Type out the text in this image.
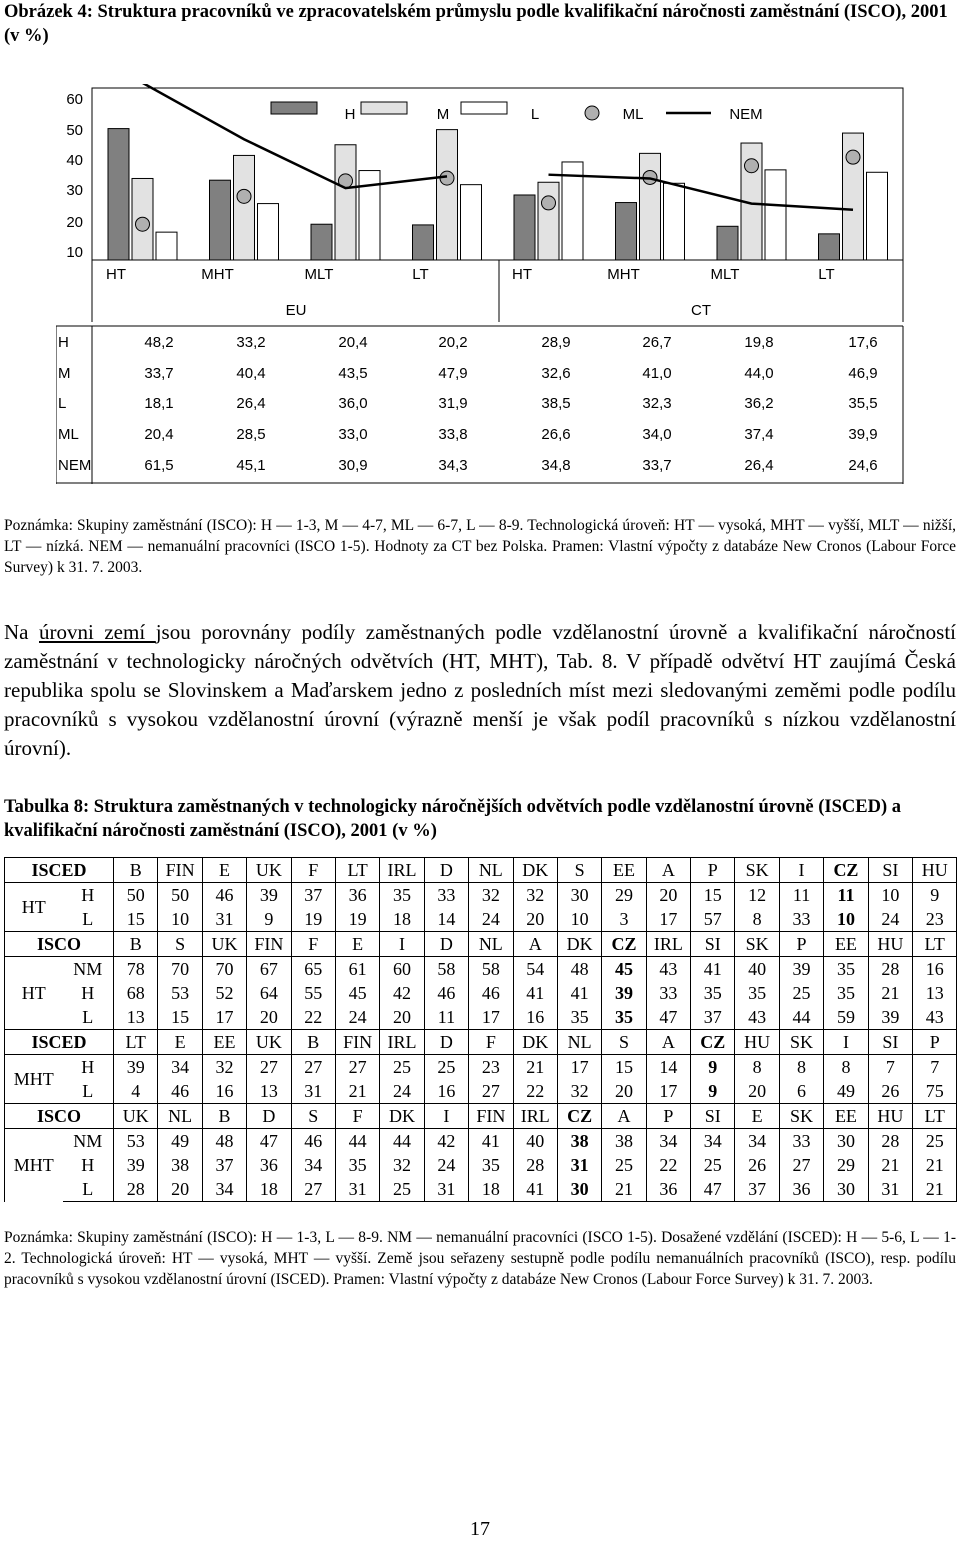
Obrázek 4: Struktura pracovníků ve zpracovatelském průmyslu podle kvalifikační náročnosti zaměstnání (ISCO), 2001 (v %)
60
50
40
30
20
10
H	M	L	ML	NEM
HT	MHT	MLT	LT	HT	MHT	MLT	LT
EU	CT
H	48,2	33,2	20,4	20,2	28,9	26,7	19,8	17,6
M	33,7	40,4	43,5	47,9	32,6	41,0	44,0	46,9
L	18,1	26,4	36,0	31,9	38,5	32,3	36,2	35,5
ML	20,4	28,5	33,0	33,8	26,6	34,0	37,4	39,9
NEM	61,5	45,1	30,9	34,3	34,8	33,7	26,4	24,6
Poznámka: Skupiny zaměstnání (ISCO): H — 1-3, M — 4-7, ML — 6-7, L — 8-9. Technologická úroveň: HT — vysoká, MHT — vyšší, MLT — nižší, LT — nízká. NEM — nemanuální pracovníci (ISCO 1-5). Hodnoty za CT bez Polska. Pramen: Vlastní výpočty z databáze New Cronos (Labour Force Survey) k 31. 7. 2003.
Na úrovni zemí jsou porovnány podíly zaměstnaných podle vzdělanostní úrovně a kvalifikační náročností zaměstnání v technologicky náročných odvětvích (HT, MHT), Tab. 8. V případě odvětví HT zaujímá Česká republika spolu se Slovinskem a Maďarskem jedno z posledních míst mezi sledovanými zeměmi podle podílu pracovníků s vysokou vzdělanostní úrovní (výrazně menší je však podíl pracovníků s nízkou vzdělanostní úrovní).
Tabulka 8: Struktura zaměstnaných v technologicky náročnějších odvětvích podle vzdělanostní úrovně (ISCED) a kvalifikační náročnosti zaměstnání (ISCO), 2001 (v %)
ISCED		B	FIN	E	UK	F	LT	IRL	D	NL	DK	S	EE	A	P	SK	I	CZ	SI	HU
HT	H	50	50	46	39	37	36	35	33	32	32	30	29	20	15	12	11	11	10	9
	L	15	10	31	9	19	19	18	14	24	20	10	3	17	57	8	33	10	24	23
ISCO		B	S	UK	FIN	F	E	I	D	NL	A	DK	CZ	IRL	SI	SK	P	EE	HU	LT
HT	NM	78	70	70	67	65	61	60	58	58	54	48	45	43	41	40	39	35	28	16
	H	68	53	52	64	55	45	42	46	46	41	41	39	33	35	35	25	35	21	13
	L	13	15	17	20	22	24	20	11	17	16	35	35	47	37	43	44	59	39	43
ISCED		LT	E	EE	UK	B	FIN	IRL	D	F	DK	NL	S	A	CZ	HU	SK	I	SI	P
MHT	H	39	34	32	27	27	27	25	25	23	21	17	15	14	9	8	8	8	7	7
	L	4	46	16	13	31	21	24	16	27	22	32	20	17	9	20	6	49	26	75
ISCO		UK	NL	B	D	S	F	DK	I	FIN	IRL	CZ	A	P	SI	E	SK	EE	HU	LT
MHT	NM	53	49	48	47	46	44	44	42	41	40	38	38	34	34	34	33	30	28	25
	H	39	38	37	36	34	35	32	24	35	28	31	25	22	25	26	27	29	21	21
	L	28	20	34	18	27	31	25	31	18	41	30	21	36	47	37	36	30	31	21
Poznámka: Skupiny zaměstnání (ISCO): H — 1-3, L — 8-9. NM — nemanuální pracovníci (ISCO 1-5). Dosažené vzdělání (ISCED): H — 5-6, L — 1-2. Technologická úroveň: HT — vysoká, MHT — vyšší. Země jsou seřazeny sestupně podle podílu nemanuálních pracovníků (ISCO), resp. podílu pracovníků s vysokou vzdělanostní úrovní (ISCED). Pramen: Vlastní výpočty z databáze New Cronos (Labour Force Survey) k 31. 7. 2003.
17
